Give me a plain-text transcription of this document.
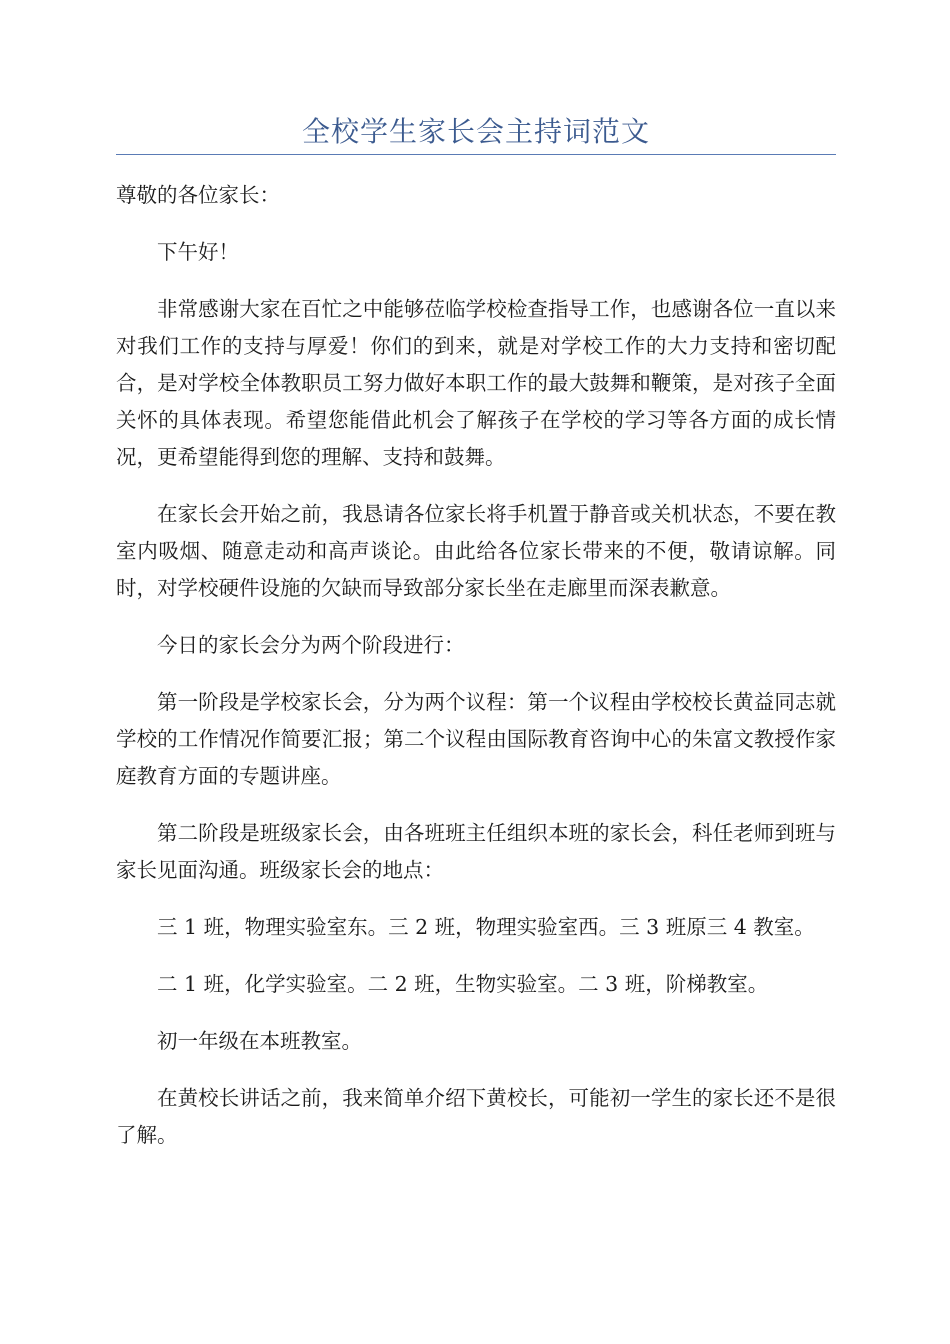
全校学生家长会主持词范文

尊敬的各位家长：

下午好！

非常感谢大家在百忙之中能够莅临学校检查指导工作，也感谢各位一直以来对我们工作的支持与厚爱！你们的到来，就是对学校工作的大力支持和密切配合，是对学校全体教职员工努力做好本职工作的最大鼓舞和鞭策，是对孩子全面关怀的具体表现。希望您能借此机会了解孩子在学校的学习等各方面的成长情况，更希望能得到您的理解、支持和鼓舞。

在家长会开始之前，我恳请各位家长将手机置于静音或关机状态，不要在教室内吸烟、随意走动和高声谈论。由此给各位家长带来的不便，敬请谅解。同时，对学校硬件设施的欠缺而导致部分家长坐在走廊里而深表歉意。

今日的家长会分为两个阶段进行：

第一阶段是学校家长会，分为两个议程：第一个议程由学校校长黄益同志就学校的工作情况作简要汇报；第二个议程由国际教育咨询中心的朱富文教授作家庭教育方面的专题讲座。

第二阶段是班级家长会，由各班班主任组织本班的家长会，科任老师到班与家长见面沟通。班级家长会的地点：

三 1 班，物理实验室东。三 2 班，物理实验室西。三 3 班原三 4 教室。

二 1 班，化学实验室。二 2 班，生物实验室。二 3 班，阶梯教室。

初一年级在本班教室。

在黄校长讲话之前，我来简单介绍下黄校长，可能初一学生的家长还不是很了解。
